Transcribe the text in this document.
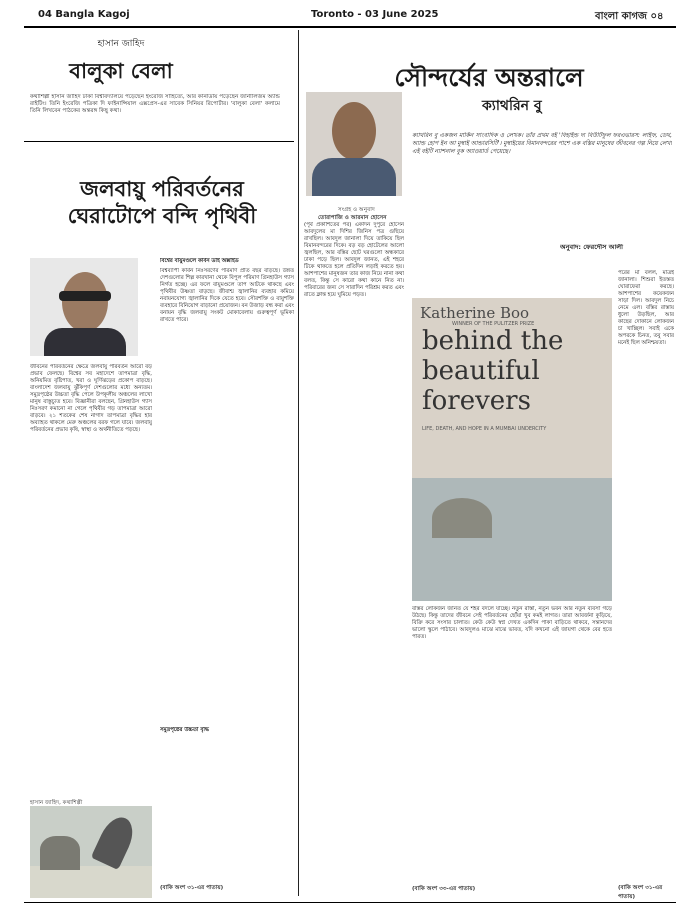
04 Bangla Kagoj	Toronto - 03 June 2025	বাংলা কাগজ ০৪
হাসান জাহিদ
বালুকা বেলা
কথাশিল্পী হাসান জাহিদ ঢাকা বিশ্ববিদ্যালয়ে পড়েছেন ইংরেজি সাহিত্যে, আর কানাডায় পড়েছেন জার্নালিজম অ্যান্ড রাইটিং। তিনি ইংরেজি পত্রিকা দি ফাইনান্সিয়াল এক্সপ্রেস-এর সাবেক সিনিয়র রিপোর্টার। 'বালুকা বেলা' কলামে তিনি লিখবেন পাঠকের অন্তরঙ্গ কিছু কথা।
জলবায়ু পরিবর্তনের
ঘেরাটোপে বন্দি পৃথিবী
জীবনের পরিবর্তনের ক্ষেত্রে জলবায়ু পরিবর্তন আরো বড় প্রভাব ফেলছে। বিশ্বের সব মহাদেশে তাপমাত্রা বৃদ্ধি, অনিয়মিত বৃষ্টিপাত, খরা ও ঘূর্ণিঝড়ের প্রকোপ বাড়ছে। বাংলাদেশ জলবায়ু ঝুঁকিপূর্ণ দেশগুলোর মধ্যে অন্যতম। সমুদ্রপৃষ্ঠের উচ্চতা বৃদ্ধি পেলে উপকূলীয় অঞ্চলের লাখো মানুষ বাস্তুচ্যুত হবে। বিজ্ঞানীরা বলছেন, গ্রিনহাউস গ্যাস নিঃসরণ কমানো না গেলে পৃথিবীর গড় তাপমাত্রা আরো বাড়বে। ২১ শতকের শেষ নাগাদ তাপমাত্রা বৃদ্ধির হার অব্যাহত থাকলে মেরু অঞ্চলের বরফ গলে যাবে। জলবায়ু পরিবর্তনের প্রভাব কৃষি, স্বাস্থ্য ও অর্থনীতিতে পড়ছে।
হাসান জাহিদ, কথাশিল্পী
বিশ্বের বায়ুমণ্ডলে কার্বন ডাই অক্সাইড
বিশ্বব্যাপী কার্বন নিঃসরণের পরিমাণ প্রতি বছর বাড়ছে। উন্নত দেশগুলোর শিল্প কারখানা থেকে বিপুল পরিমাণ গ্রিনহাউস গ্যাস নির্গত হচ্ছে। এর ফলে বায়ুমণ্ডলে তাপ আটকে থাকছে এবং পৃথিবীর উষ্ণতা বাড়ছে। জীবাশ্ম জ্বালানির ব্যবহার কমিয়ে নবায়নযোগ্য জ্বালানির দিকে যেতে হবে। সৌরশক্তি ও বায়ুশক্তি ব্যবহারে বিনিয়োগ বাড়ানো প্রয়োজন। বন উজাড় বন্ধ করা এবং বনায়ন বৃদ্ধি জলবায়ু সংকট মোকাবেলায় গুরুত্বপূর্ণ ভূমিকা রাখতে পারে।
সমুদ্রপৃষ্ঠের উচ্চতা বৃদ্ধি
(বাকি অংশ ৩১-এর পাতায়)
সৌন্দর্যের অন্তরালে
ক্যাথরিন বু
সংগ্রহ ও অনুবাদ
তোরাপাজি ও আরমান হোসেন
ক্যাথরিন বু একজন মার্কিন সাংবাদিক ও লেখক। তাঁর প্রথম বই 'বিহাইন্ড দ্য বিউটিফুল ফরএভারস: লাইফ, ডেথ, অ্যান্ড হোপ ইন আ মুম্বাই আন্ডারসিটি'। মুম্বাইয়ের বিমানবন্দরের পাশে এক বস্তির মানুষের জীবনের গল্প নিয়ে লেখা এই বইটি ন্যাশনাল বুক অ্যাওয়ার্ড পেয়েছে।
অনুবাদ: ফেরদৌস আলী
(পূর্ব প্রকাশিতের পর) একদিন দুপুরে হোসেন আবদুলের মা দিশির জিনিস পত্র গুছিয়ে রাখছিল। আবদুল জানালা দিয়ে তাকিয়ে ছিল বিমানবন্দরের দিকে। বড় বড় হোটেলের আলো জ্বলছিল, আর বস্তির ছোট ঘরগুলো অন্ধকারে ঢাকা পড়ে ছিল। আবদুল জানত, এই শহরে টিকে থাকতে হলে প্রতিদিন লড়াই করতে হয়। আশপাশের মানুষজন তার কাজ নিয়ে নানা কথা বলত, কিন্তু সে কারো কথা কানে নিত না। পরিবারের জন্য সে সারাদিন পরিশ্রম করত এবং রাতে ক্লান্ত হয়ে ঘুমিয়ে পড়ত।
Katherine Boo
WINNER OF THE PULITZER PRIZE
behind the beautiful forevers
LIFE, DEATH, AND HOPE IN A MUMBAI UNDERCITY
বস্তির লোকজন জানত যে শহর বদলে যাচ্ছে। নতুন রাস্তা, নতুন ভবন আর নতুন ব্যবসা গড়ে উঠছে। কিন্তু তাদের জীবনে সেই পরিবর্তনের ছোঁয়া খুব কমই লাগত। তারা আবর্জনা কুড়িয়ে, বিক্রি করে সংসার চালাত। কেউ কেউ স্বপ্ন দেখত একদিন পাকা বাড়িতে থাকবে, সন্তানদের ভালো স্কুলে পাঠাবে। আবদুলও মাঝে মাঝে ভাবত, যদি কখনো এই জায়গা থেকে বের হতে পারত।
(বাকি অংশ ৩৩-এর পাতায়)
পরের মা বলল, মাত্রই জানালা। শিশুরা ইতস্তত ঘোরাফেরা করছে। আশপাশের কয়েকজন সাড়া দিল। আবদুল নিচে নেমে এল। বস্তির রাস্তায় ধুলো উড়ছিল, আর কাছের দোকানে লোকজন চা খাচ্ছিল। সবাই একে অপরকে চিনত, তবু সবার মনেই ছিল অনিশ্চয়তা।
(বাকি অংশ ৩১-এর পাতায়)
